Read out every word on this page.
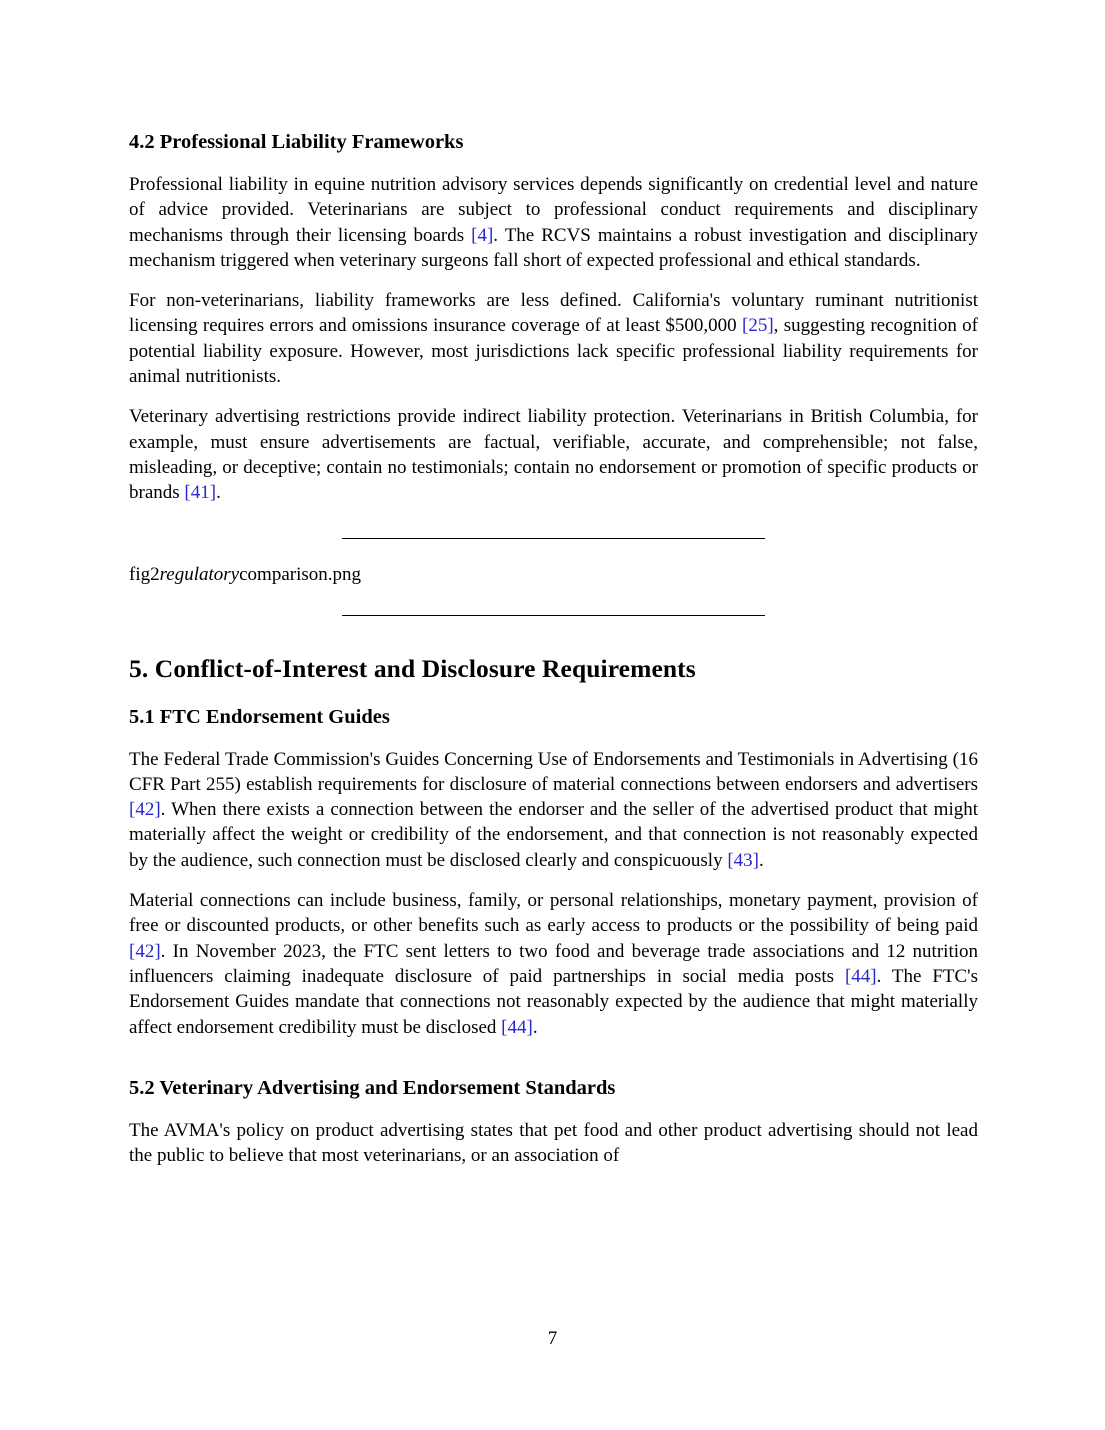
4.2 Professional Liability Frameworks

Professional liability in equine nutrition advisory services depends significantly on credential level and nature of advice provided. Veterinarians are subject to professional conduct requirements and disciplinary mechanisms through their licensing boards [4]. The RCVS maintains a robust investigation and disciplinary mechanism triggered when veterinary surgeons fall short of expected professional and ethical standards.

For non-veterinarians, liability frameworks are less defined. California's voluntary ruminant nutritionist licensing requires errors and omissions insurance coverage of at least $500,000 [25], suggesting recognition of potential liability exposure. However, most jurisdictions lack specific professional liability requirements for animal nutritionists.

Veterinary advertising restrictions provide indirect liability protection. Veterinarians in British Columbia, for example, must ensure advertisements are factual, verifiable, accurate, and comprehensible; not false, misleading, or deceptive; contain no testimonials; contain no endorsement or promotion of specific products or brands [41].

fig2regulatorycomparison.png

5. Conflict-of-Interest and Disclosure Requirements
5.1 FTC Endorsement Guides

The Federal Trade Commission's Guides Concerning Use of Endorsements and Testimonials in Advertising (16 CFR Part 255) establish requirements for disclosure of material connections between endorsers and advertisers [42]. When there exists a connection between the endorser and the seller of the advertised product that might materially affect the weight or credibility of the endorsement, and that connection is not reasonably expected by the audience, such connection must be disclosed clearly and conspicuously [43].

Material connections can include business, family, or personal relationships, monetary payment, provision of free or discounted products, or other benefits such as early access to products or the possibility of being paid [42]. In November 2023, the FTC sent letters to two food and beverage trade associations and 12 nutrition influencers claiming inadequate disclosure of paid partnerships in social media posts [44]. The FTC's Endorsement Guides mandate that connections not reasonably expected by the audience that might materially affect endorsement credibility must be disclosed [44].

5.2 Veterinary Advertising and Endorsement Standards

The AVMA's policy on product advertising states that pet food and other product advertising should not lead the public to believe that most veterinarians, or an association of

7
